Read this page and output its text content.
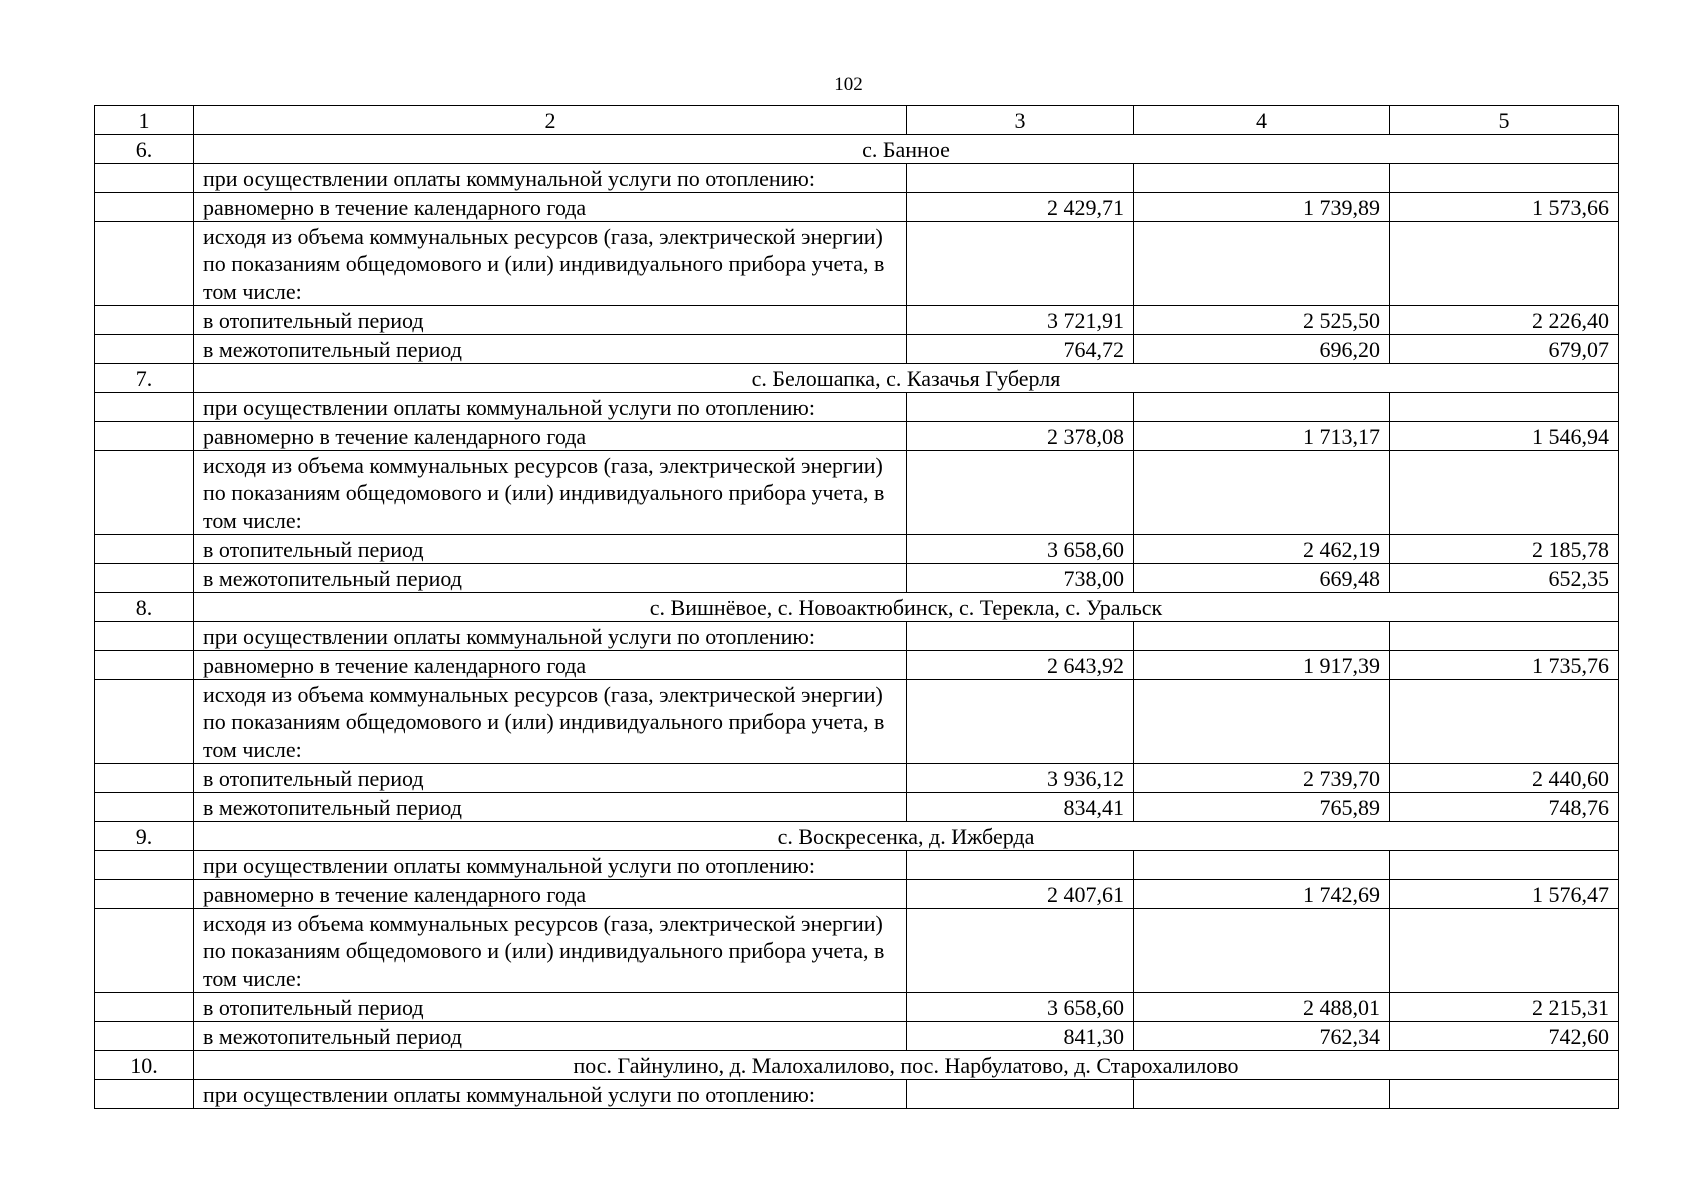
102
1	2	3	4	5
6.	с. Банное			
	при осуществлении оплаты коммунальной услуги по отоплению:			
	равномерно в течение календарного года	2 429,71	1 739,89	1 573,66
	исходя из объема коммунальных ресурсов (газа, электрической энергии) по показаниям общедомового и (или) индивидуального прибора учета, в том числе:			
	в отопительный период	3 721,91	2 525,50	2 226,40
	в межотопительный период	764,72	696,20	679,07
7.	с. Белошапка, с. Казачья Губерля			
	при осуществлении оплаты коммунальной услуги по отоплению:			
	равномерно в течение календарного года	2 378,08	1 713,17	1 546,94
	исходя из объема коммунальных ресурсов (газа, электрической энергии) по показаниям общедомового и (или) индивидуального прибора учета, в том числе:			
	в отопительный период	3 658,60	2 462,19	2 185,78
	в межотопительный период	738,00	669,48	652,35
8.	с. Вишнёвое, с. Новоактюбинск, с. Терекла, с. Уральск			
	при осуществлении оплаты коммунальной услуги по отоплению:			
	равномерно в течение календарного года	2 643,92	1 917,39	1 735,76
	исходя из объема коммунальных ресурсов (газа, электрической энергии) по показаниям общедомового и (или) индивидуального прибора учета, в том числе:			
	в отопительный период	3 936,12	2 739,70	2 440,60
	в межотопительный период	834,41	765,89	748,76
9.	с. Воскресенка, д. Ижберда			
	при осуществлении оплаты коммунальной услуги по отоплению:			
	равномерно в течение календарного года	2 407,61	1 742,69	1 576,47
	исходя из объема коммунальных ресурсов (газа, электрической энергии) по показаниям общедомового и (или) индивидуального прибора учета, в том числе:			
	в отопительный период	3 658,60	2 488,01	2 215,31
	в межотопительный период	841,30	762,34	742,60
10.	пос. Гайнулино, д. Малохалилово, пос. Нарбулатово, д. Старохалилово			
	при осуществлении оплаты коммунальной услуги по отоплению:			
